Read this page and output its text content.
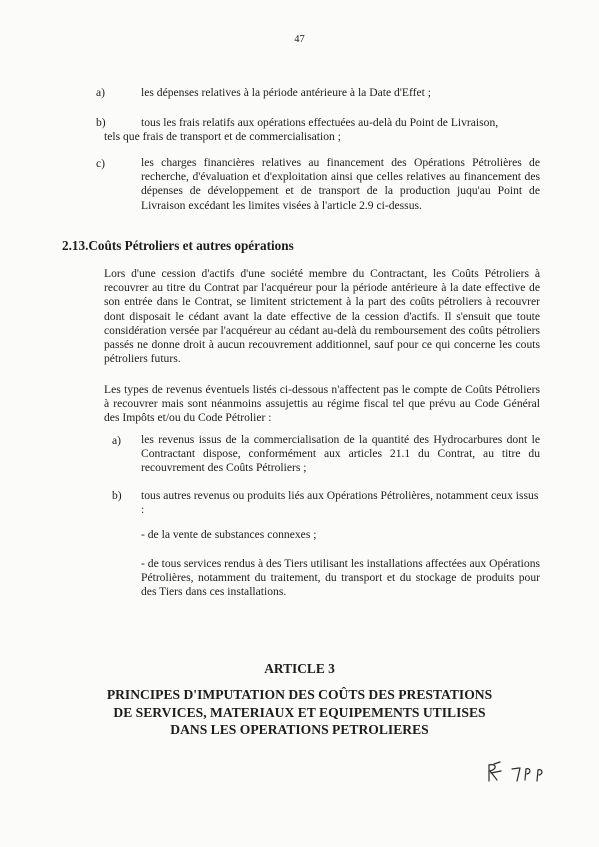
47
a)	les dépenses relatives à la période antérieure à la Date d'Effet ;
b)	tous les frais relatifs aux opérations effectuées au-delà du Point de Livraison,
tels que frais de transport et de commercialisation ;
c)	les charges financières relatives au financement des Opérations Pétrolières de recherche, d'évaluation et d'exploitation ainsi que celles relatives au financement des dépenses de développement et de transport de la production juqu'au Point de Livraison excédant les limites visées à l'article 2.9 ci-dessus.
2.13.Coûts Pétroliers et autres opérations
Lors d'une cession d'actifs d'une société membre du Contractant, les Coûts Pétroliers à recouvrer au titre du Contrat par l'acquéreur pour la période antérieure à la date effective de son entrée dans le Contrat, se limitent strictement à la part des coûts pétroliers à recouvrer dont disposait le cédant avant la date effective de la cession d'actifs. Il s'ensuit que toute considération versée par l'acquéreur au cédant au-delà du remboursement des coûts pétroliers passés ne donne droit à aucun recouvrement additionnel, sauf pour ce qui concerne les couts pétroliers futurs.
Les types de revenus éventuels listés ci-dessous n'affectent pas le compte de Coûts Pétroliers à recouvrer mais sont néanmoins assujettis au régime fiscal tel que prévu au Code Général des Impôts et/ou du Code Pétrolier :
a) les revenus issus de la commercialisation de la quantité des Hydrocarbures dont le Contractant dispose, conformément aux articles 21.1 du Contrat, au titre du recouvrement des Coûts Pétroliers ;
b) tous autres revenus ou produits liés aux Opérations Pétrolières, notamment ceux issus :
- de la vente de substances connexes ;
- de tous services rendus à des Tiers utilisant les installations affectées aux Opérations Pétrolières, notamment du traitement, du transport et du stockage de produits pour des Tiers dans ces installations.
ARTICLE 3
PRINCIPES D'IMPUTATION DES COÛTS DES PRESTATIONS
DE SERVICES, MATERIAUX ET EQUIPEMENTS UTILISES
DANS LES OPERATIONS PETROLIERES
